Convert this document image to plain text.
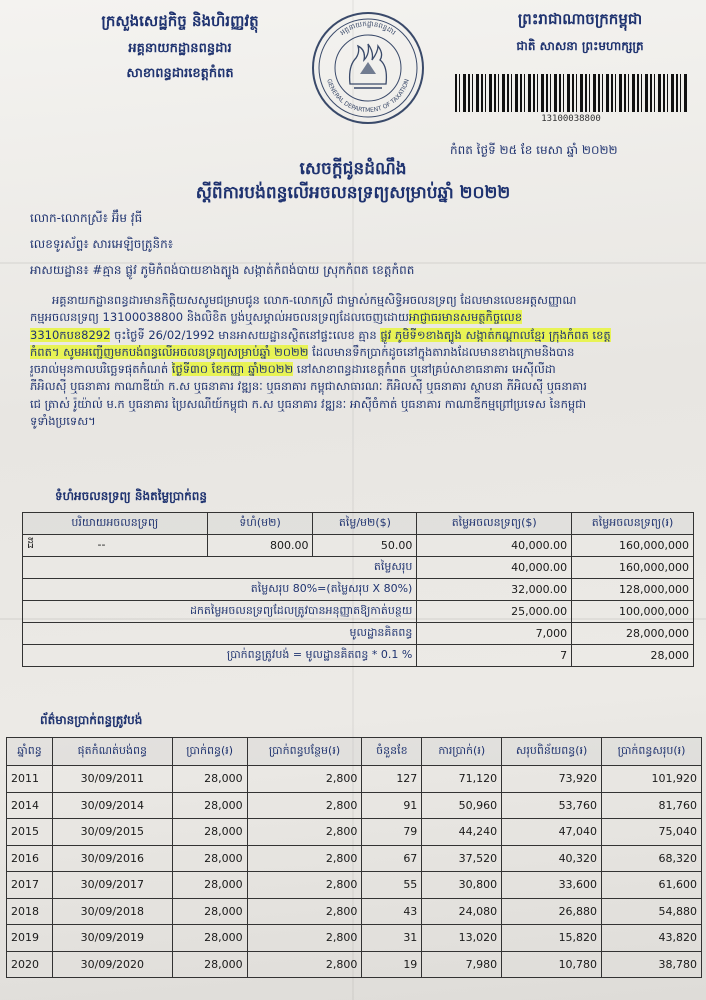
ក្រសួងសេដ្ឋកិច្ច និងហិរញ្ញវត្ថុ
អគ្គនាយកដ្ឋានពន្ធដារ
សាខាពន្ធដារខេត្តកំពត
អគ្គនាយកដ្ឋានពន្ធដារ
GENERAL DEPARTMENT OF TAXATION
ព្រះរាជាណាចក្រកម្ពុជា
ជាតិ សាសនា ព្រះមហាក្សត្រ
13100038800
កំពត ថ្ងៃទី ២៥ ខែ មេសា ឆ្នាំ ២០២២
សេចក្តីជូនដំណឹង
ស្តីពីការបង់ពន្ធលើអចលនទ្រព្យសម្រាប់ឆ្នាំ ២០២២
លោក-លោកស្រី៖ អ៊ឹម វុធី
លេខទូរស័ព្ទ៖ សារអេឡិចត្រូនិក៖
អាសយដ្ឋាន៖ #គ្មាន ផ្លូវ ភូមិកំពង់បាយខាងត្បូង សង្កាត់កំពង់បាយ ស្រុកកំពត ខេត្តកំពត

អគ្គនាយកដ្ឋានពន្ធដារមានកិត្តិយសសូមជម្រាបជូន លោក-លោកស្រី ជាម្ចាស់កម្មសិទ្ធិអចលនទ្រព្យ ដែលមានលេខអត្តសញ្ញាណ

កម្មអចលនទ្រព្យ 13100038800 និងលិខិត ប្លង់ឬសម្គាល់អចលនទ្រព្យដែលចេញដោយអាជ្ញាធរមានសមត្ថកិច្ចលេខ

3310កបខ8292 ចុះថ្ងៃទី 26/02/1992 មានអាសយដ្ឋានស្ថិតនៅផ្ទះលេខ គ្មាន ផ្លូវ ភូមិទី១ខាងត្បូង សង្កាត់កណ្តាលខ្មែរ ក្រុងកំពត ខេត្ត

កំពត។ សូមអញ្ជើញមកបង់ពន្ធលើអចលនទ្រព្យសម្រាប់ឆ្នាំ ២០២២ ដែលមានទឹកប្រាក់ដូចនៅក្នុងតារាងដែលមានខាងក្រោមនិងបាន

រួចរាល់មុនកាលបរិច្ឆេទផុតកំណត់ ថ្ងៃទី៣០ ខែកញ្ញា ឆ្នាំ២០២២ នៅសាខាពន្ធដារខេត្តកំពត ឬនៅគ្រប់សាខាធនាគារ អេស៊ីលីដា

ភីអិលស៊ី ឬធនាគារ កាណាឌីយ៉ា ក.ស ឬធនាគារ វឌ្ឍនៈ ឬធនាគារ កម្ពុជាសាធារណៈ ភីអិលស៊ី ឬធនាគារ ស្ថាបនា ភីអិលស៊ី ឬធនាគារ

ជេ ត្រាស់ រ៉ូយ៉ាល់ ម.ក ឬធនាគារ ប្រៃសណីយ៍កម្ពុជា ក.ស ឬធនាគារ វឌ្ឍនៈ អាស៊ីចំកាត់ ឬធនាគារ កាណាឌីកម្មព្រៅប្រទេស នៃកម្ពុជា

ទូទាំងប្រទេស។

ទំហំអចលនទ្រព្យ និងតម្លៃប្រាក់ពន្ធ
បរិយាយអចលនទ្រព្យ	ទំហំ(ម២)	តម្លៃ/ម២($)	តម្លៃអចលនទ្រព្យ($)	តម្លៃអចលនទ្រព្យ(៛)
ដី --	800.00	50.00	40,000.00	160,000,000
តម្លៃសរុប			40,000.00	160,000,000
តម្លៃសរុប 80%=(តម្លៃសរុប X 80%)			32,000.00	128,000,000
ដកតម្លៃអចលនទ្រព្យដែលត្រូវបានអនុញ្ញាតឱ្យកាត់បន្ថយ			25,000.00	100,000,000
មូលដ្ឋានគិតពន្ធ			7,000	28,000,000
ប្រាក់ពន្ធត្រូវបង់ = មូលដ្ឋានគិតពន្ធ * 0.1 %			7	28,000
ព័ត៌មានប្រាក់ពន្ធត្រូវបង់
ឆ្នាំពន្ធ	ផុតកំណត់បង់ពន្ធ	ប្រាក់ពន្ធ(៛)	ប្រាក់ពន្ធបន្ថែម(៛)	ចំនួនខែ	ការប្រាក់(៛)	សរុបពិន័យពន្ធ(៛)	ប្រាក់ពន្ធសរុប(៛)
2011	30/09/2011	28,000	2,800	127	71,120	73,920	101,920
2014	30/09/2014	28,000	2,800	91	50,960	53,760	81,760
2015	30/09/2015	28,000	2,800	79	44,240	47,040	75,040
2016	30/09/2016	28,000	2,800	67	37,520	40,320	68,320
2017	30/09/2017	28,000	2,800	55	30,800	33,600	61,600
2018	30/09/2018	28,000	2,800	43	24,080	26,880	54,880
2019	30/09/2019	28,000	2,800	31	13,020	15,820	43,820
2020	30/09/2020	28,000	2,800	19	7,980	10,780	38,780
